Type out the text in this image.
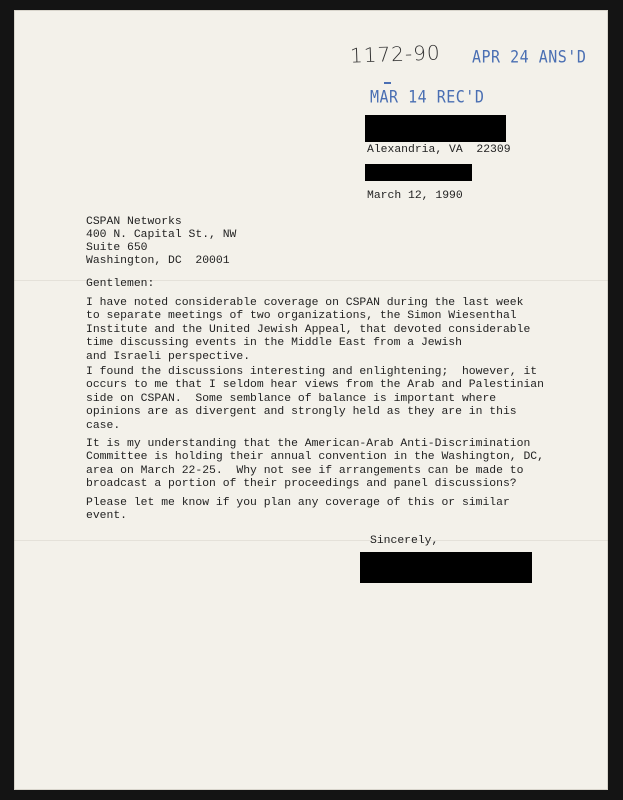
1172-90 APR 24 ANS'D
MAR 14 REC'D

Alexandria, VA  22309

March 12, 1990

CSPAN Networks

400 N. Capital St., NW

Suite 650

Washington, DC  20001

Gentlemen:

I have noted considerable coverage on CSPAN during the last week
to separate meetings of two organizations, the Simon Wiesenthal
Institute and the United Jewish Appeal, that devoted considerable
time discussing events in the Middle East from a Jewish
and Israeli perspective.

I found the discussions interesting and enlightening;  however, it
occurs to me that I seldom hear views from the Arab and Palestinian
side on CSPAN.  Some semblance of balance is important where
opinions are as divergent and strongly held as they are in this
case.

It is my understanding that the American-Arab Anti-Discrimination
Committee is holding their annual convention in the Washington, DC,
area on March 22-25.  Why not see if arrangements can be made to
broadcast a portion of their proceedings and panel discussions?

Please let me know if you plan any coverage of this or similar
event.

Sincerely,
